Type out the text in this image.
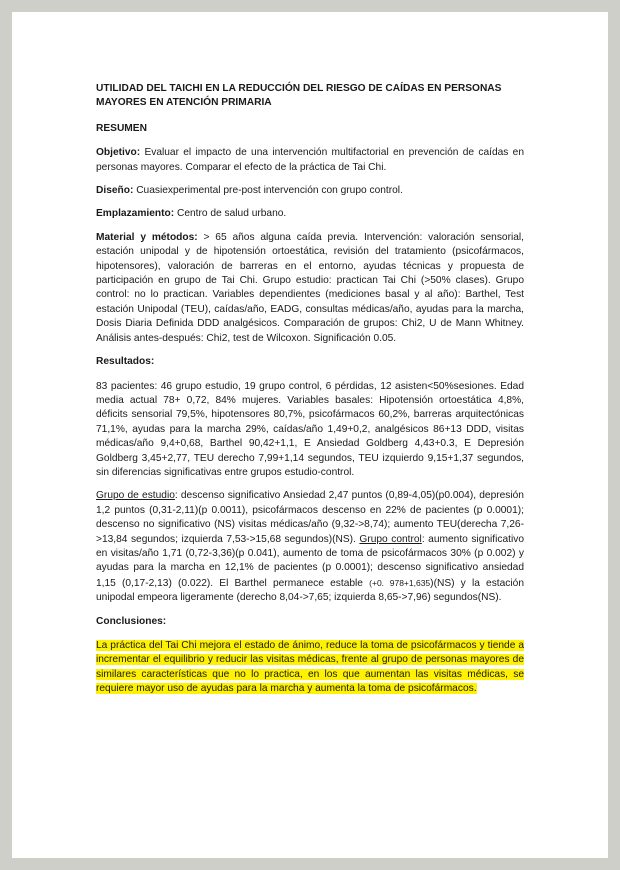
UTILIDAD DEL TAICHI EN LA REDUCCIÓN DEL RIESGO DE CAÍDAS EN PERSONAS MAYORES EN ATENCIÓN PRIMARIA
RESUMEN

Objetivo: Evaluar el impacto de una intervención multifactorial en prevención de caídas en personas mayores. Comparar el efecto de la práctica de Tai Chi.

Diseño: Cuasiexperimental pre-post intervención con grupo control.

Emplazamiento: Centro de salud urbano.

Material y métodos: > 65 años alguna caída previa. Intervención: valoración sensorial, estación unipodal y de hipotensión ortoestática, revisión del tratamiento (psicofármacos, hipotensores), valoración de barreras en el entorno, ayudas técnicas y propuesta de participación en grupo de Tai Chi. Grupo estudio: practican Tai Chi (>50% clases). Grupo control: no lo practican. Variables dependientes (mediciones basal y al año): Barthel, Test estación Unipodal (TEU), caídas/año, EADG, consultas médicas/año, ayudas para la marcha, Dosis Diaria Definida DDD analgésicos. Comparación de grupos: Chi2, U de Mann Whitney. Análisis antes-después: Chi2, test de Wilcoxon. Significación 0.05.

Resultados:

83 pacientes: 46 grupo estudio, 19 grupo control, 6 pérdidas, 12 asisten<50%sesiones. Edad media actual 78+ 0,72, 84% mujeres. Variables basales: Hipotensión ortoestática 4,8%, déficits sensorial 79,5%, hipotensores 80,7%, psicofármacos 60,2%, barreras arquitectónicas 71,1%, ayudas para la marcha 29%, caídas/año 1,49+0,2, analgésicos 86+13 DDD, visitas médicas/año 9,4+0,68, Barthel 90,42+1,1, E Ansiedad Goldberg 4,43+0.3, E Depresión Goldberg 3,45+2,77, TEU derecho 7,99+1,14 segundos, TEU izquierdo 9,15+1,37 segundos, sin diferencias significativas entre grupos estudio-control.

Grupo de estudio: descenso significativo Ansiedad 2,47 puntos (0,89-4,05)(p0.004), depresión 1,2 puntos (0,31-2,11)(p 0.0011), psicofármacos descenso en 22% de pacientes (p 0.0001); descenso no significativo (NS) visitas médicas/año (9,32->8,74); aumento TEU(derecha 7,26->13,84 segundos; izquierda 7,53->15,68 segundos)(NS). Grupo control: aumento significativo en visitas/año 1,71 (0,72-3,36)(p 0.041), aumento de toma de psicofármacos 30% (p 0.002) y ayudas para la marcha en 12,1% de pacientes (p 0.0001); descenso significativo ansiedad 1,15 (0,17-2,13) (0.022). El Barthel permanece estable (+0. 978+1,635)(NS) y la estación unipodal empeora ligeramente (derecho 8,04->7,65; izquierda 8,65->7,96) segundos(NS).

Conclusiones:

La práctica del Tai Chi mejora el estado de ánimo, reduce la toma de psicofármacos y tiende a incrementar el equilibrio y reducir las visitas médicas, frente al grupo de personas mayores de similares características que no lo practica, en los que aumentan las visitas médicas, se requiere mayor uso de ayudas para la marcha y aumenta la toma de psicofármacos.
